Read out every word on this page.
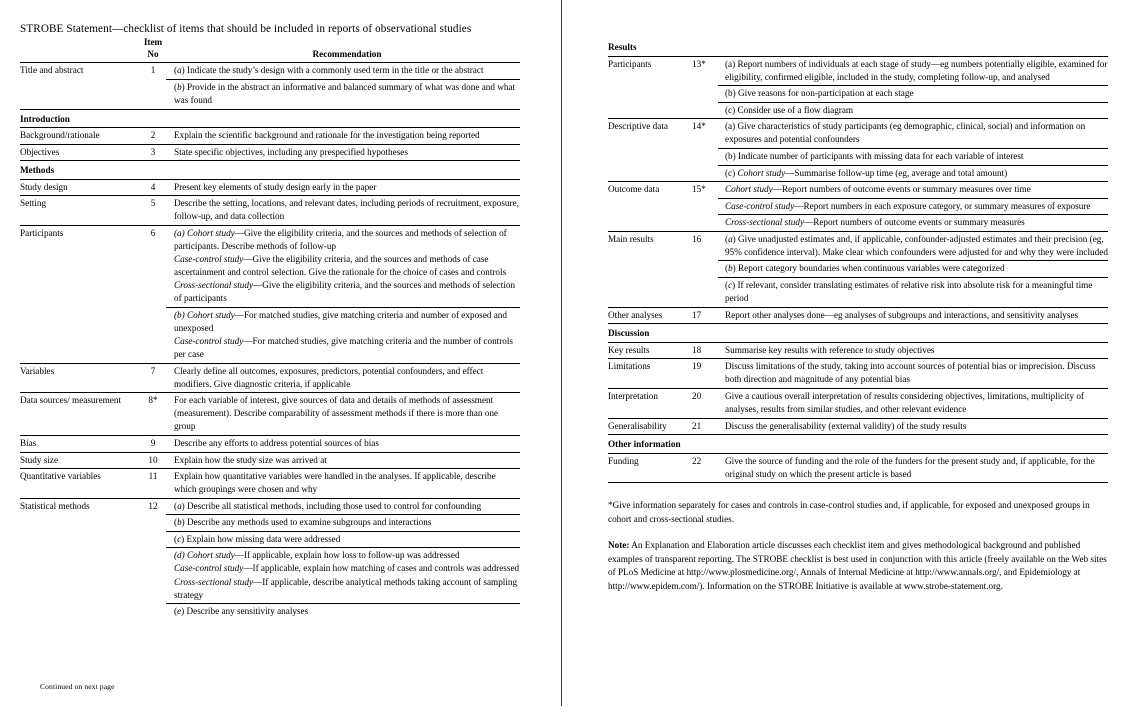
STROBE Statement—checklist of items that should be included in reports of observational studies
	Item
No	Recommendation
Title and abstract	1	(a) Indicate the study’s design with a commonly used term in the title or the abstract
		(b) Provide in the abstract an informative and balanced summary of what was done and what was found
Introduction		
Background/rationale	2	Explain the scientific background and rationale for the investigation being reported
Objectives	3	State specific objectives, including any prespecified hypotheses
Methods		
Study design	4	Present key elements of study design early in the paper
Setting	5	Describe the setting, locations, and relevant dates, including periods of recruitment, exposure, follow-up, and data collection
Participants	6	(a) Cohort study—Give the eligibility criteria, and the sources and methods of selection of participants. Describe methods of follow-up
Case-control study—Give the eligibility criteria, and the sources and methods of case ascertainment and control selection. Give the rationale for the choice of cases and controls
Cross-sectional study—Give the eligibility criteria, and the sources and methods of selection of participants
		(b) Cohort study—For matched studies, give matching criteria and number of exposed and unexposed
Case-control study—For matched studies, give matching criteria and the number of controls per case
Variables	7	Clearly define all outcomes, exposures, predictors, potential confounders, and effect modifiers. Give diagnostic criteria, if applicable
Data sources/ measurement	8*	For each variable of interest, give sources of data and details of methods of assessment (measurement). Describe comparability of assessment methods if there is more than one group
Bias	9	Describe any efforts to address potential sources of bias
Study size	10	Explain how the study size was arrived at
Quantitative variables	11	Explain how quantitative variables were handled in the analyses. If applicable, describe which groupings were chosen and why
Statistical methods	12	(a) Describe all statistical methods, including those used to control for confounding
		(b) Describe any methods used to examine subgroups and interactions
		(c) Explain how missing data were addressed
		(d) Cohort study—If applicable, explain how loss to follow-up was addressed
Case-control study—If applicable, explain how matching of cases and controls was addressed
Cross-sectional study—If applicable, describe analytical methods taking account of sampling strategy
		(e) Describe any sensitivity analyses
Continued on next page
Results		
Participants	13*	(a) Report numbers of individuals at each stage of study—eg numbers potentially eligible, examined for eligibility, confirmed eligible, included in the study, completing follow-up, and analysed
		(b) Give reasons for non-participation at each stage
		(c) Consider use of a flow diagram
Descriptive data	14*	(a) Give characteristics of study participants (eg demographic, clinical, social) and information on exposures and potential confounders
		(b) Indicate number of participants with missing data for each variable of interest
		(c) Cohort study—Summarise follow-up time (eg, average and total amount)
Outcome data	15*	Cohort study—Report numbers of outcome events or summary measures over time
		Case-control study—Report numbers in each exposure category, or summary measures of exposure
		Cross-sectional study—Report numbers of outcome events or summary measures
Main results	16	(a) Give unadjusted estimates and, if applicable, confounder-adjusted estimates and their precision (eg, 95% confidence interval). Make clear which confounders were adjusted for and why they were included
		(b) Report category boundaries when continuous variables were categorized
		(c) If relevant, consider translating estimates of relative risk into absolute risk for a meaningful time period
Other analyses	17	Report other analyses done—eg analyses of subgroups and interactions, and sensitivity analyses
Discussion		
Key results	18	Summarise key results with reference to study objectives
Limitations	19	Discuss limitations of the study, taking into account sources of potential bias or imprecision. Discuss both direction and magnitude of any potential bias
Interpretation	20	Give a cautious overall interpretation of results considering objectives, limitations, multiplicity of analyses, results from similar studies, and other relevant evidence
Generalisability	21	Discuss the generalisability (external validity) of the study results
Other information		
Funding	22	Give the source of funding and the role of the funders for the present study and, if applicable, for the original study on which the present article is based

*Give information separately for cases and controls in case-control studies and, if applicable, for exposed and unexposed groups in cohort and cross-sectional studies.

Note: An Explanation and Elaboration article discusses each checklist item and gives methodological background and published examples of transparent reporting. The STROBE checklist is best used in conjunction with this article (freely available on the Web sites of PLoS Medicine at http://www.plosmedicine.org/, Annals of Internal Medicine at http://www.annals.org/, and Epidemiology at http://www.epidem.com/). Information on the STROBE Initiative is available at www.strobe-statement.org.
